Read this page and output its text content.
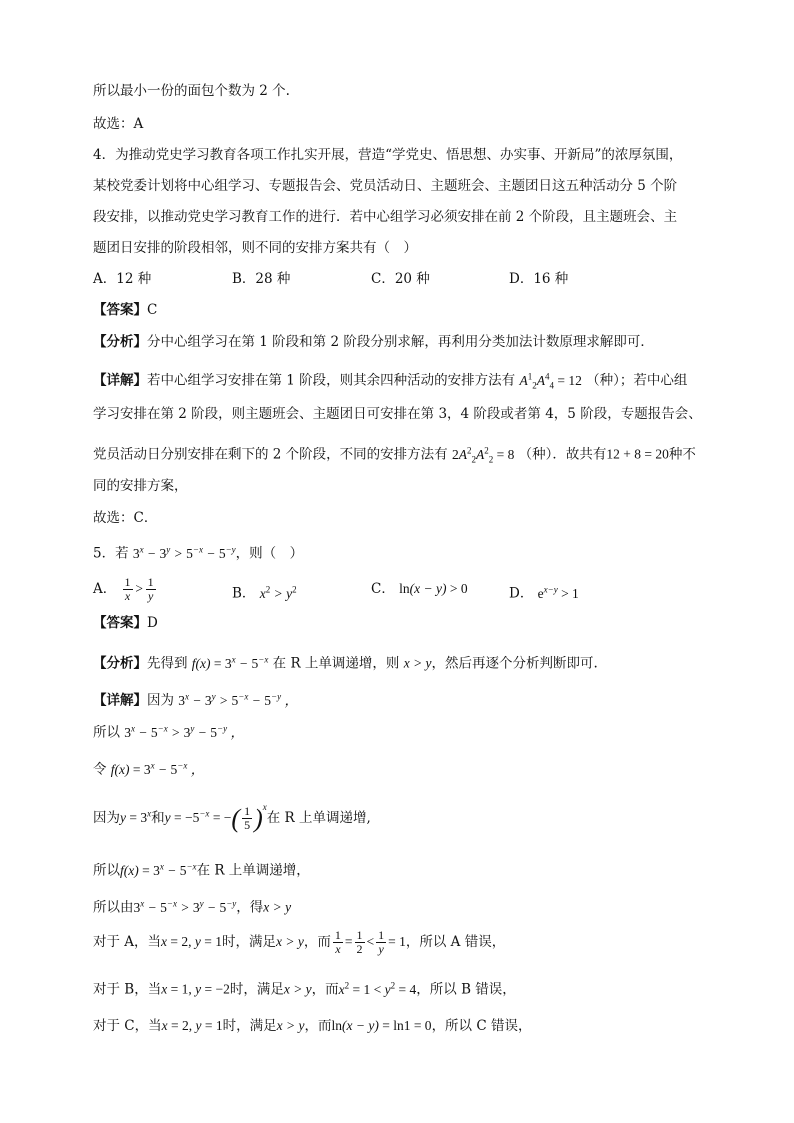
所以最小一份的面包个数为 2 个.
故选：A
4．为推动党史学习教育各项工作扎实开展，营造“学党史、悟思想、办实事、开新局”的浓厚氛围，
某校党委计划将中心组学习、专题报告会、党员活动日、主题班会、主题团日这五种活动分 5 个阶
段安排，以推动党史学习教育工作的进行．若中心组学习必须安排在前 2 个阶段，且主题班会、主
题团日安排的阶段相邻，则不同的安排方案共有（　）
A．12 种	B．28 种	C．20 种	D．16 种
【答案】C
【分析】分中心组学习在第 1 阶段和第 2 阶段分别求解，再利用分类加法计数原理求解即可．
【详解】若中心组学习安排在第 1 阶段，则其余四种活动的安排方法有 $A^1_2A^4_4 = 12$ （种）；若中心组
学习安排在第 2 阶段，则主题班会、主题团日可安排在第 3，4 阶段或者第 4，5 阶段，专题报告会、
党员活动日分别安排在剩下的 2 个阶段，不同的安排方法有 $2A^2_2A^2_2 = 8$ （种）．故共有12 + 8 = 20种不
同的安排方案，
故选：C．
5．若 $3^x - 3^y > 5^{-x} - 5^{-y}$，则（　）
A． $\frac{1}{x} > \frac{1}{y}$	B． $x^2 > y^2$	C． ln(x − y) > 0	D． $e^{x-y} > 1$
【答案】D
【分析】先得到 $f(x) = 3^x - 5^{-x}$ 在 R 上单调递增，则 x > y，然后再逐个分析判断即可.
【详解】因为 $3^x - 3^y > 5^{-x} - 5^{-y}$ ，
所以 $3^x - 5^{-x} > 3^y - 5^{-y}$ ，
令 $f(x) = 3^x - 5^{-x}$ ，
因为$y = 3^x$和$y = -5^{-x}$ = −( $\frac{1}{5} )^x$在 R 上单调递增,
所以$f(x) = 3^x - 5^{-x}$在 R 上单调递增，
所以由$3^x - 5^{-x} > 3^y - 5^{-y}$，得x > y
对于 A，当x = 2, y = 1时，满足x > y，而 $\frac{1}{x} = \frac{1}{2} < \frac{1}{y} = 1$，所以 A 错误，
对于 B，当x = 1, y = −2时，满足x > y，而$x^2 = 1 < y^2 = 4$，所以 B 错误，
对于 C，当x = 2, y = 1时，满足x > y，而ln(x − y) = ln1 = 0，所以 C 错误，
